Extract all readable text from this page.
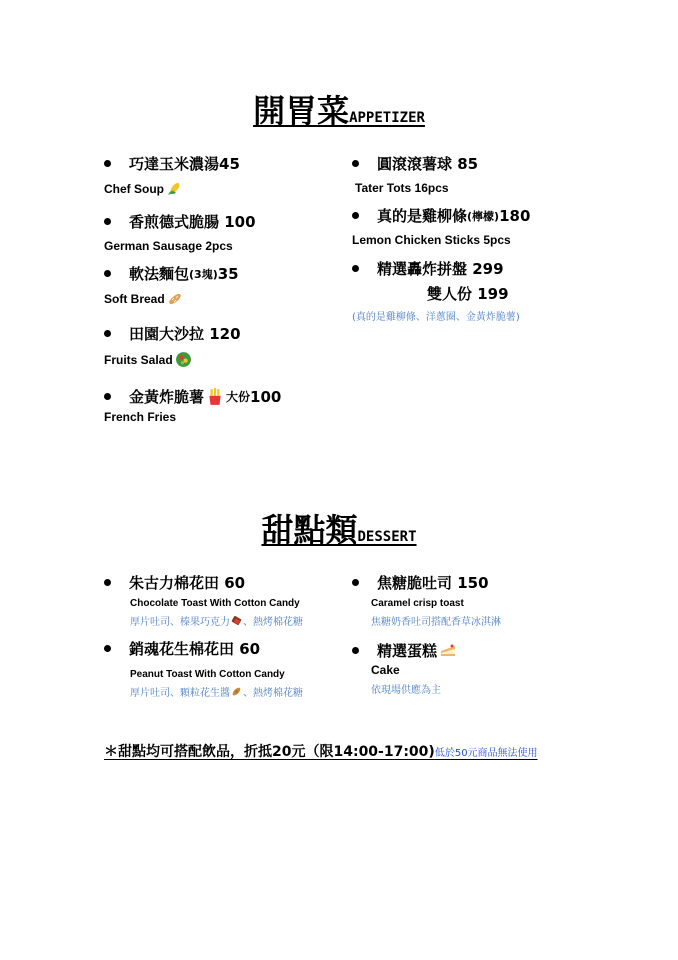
開胃菜APPETIZER
巧達玉米濃湯45
Chef Soup
香煎德式脆腸 100
German Sausage 2pcs
軟法麵包 (3塊) 35
Soft Bread
田園大沙拉 120
Fruits Salad
金黃炸脆薯 大份 100
French Fries
圓滾滾薯球 85
Tater Tots 16pcs
真的是雞柳條 (檸檬) 180
Lemon Chicken Sticks 5pcs
精選轟炸拼盤 299
雙人份 199
(真的是雞柳條、洋蔥圈、金黃炸脆薯)
甜點類DESSERT
朱古力棉花田 60
Chocolate Toast With Cotton Candy
厚片吐司、榛果巧克力 、熱烤棉花糖
銷魂花生棉花田 60
Peanut Toast With Cotton Candy
厚片吐司、顆粒花生醬 、熱烤棉花糖
焦糖脆吐司 150
Caramel crisp toast
焦糖奶香吐司搭配香草冰淇淋
精選蛋糕
Cake
依現場供應為主
＊甜點均可搭配飲品，折抵20元（限14:00-17:00)低於50元商品無法使用
